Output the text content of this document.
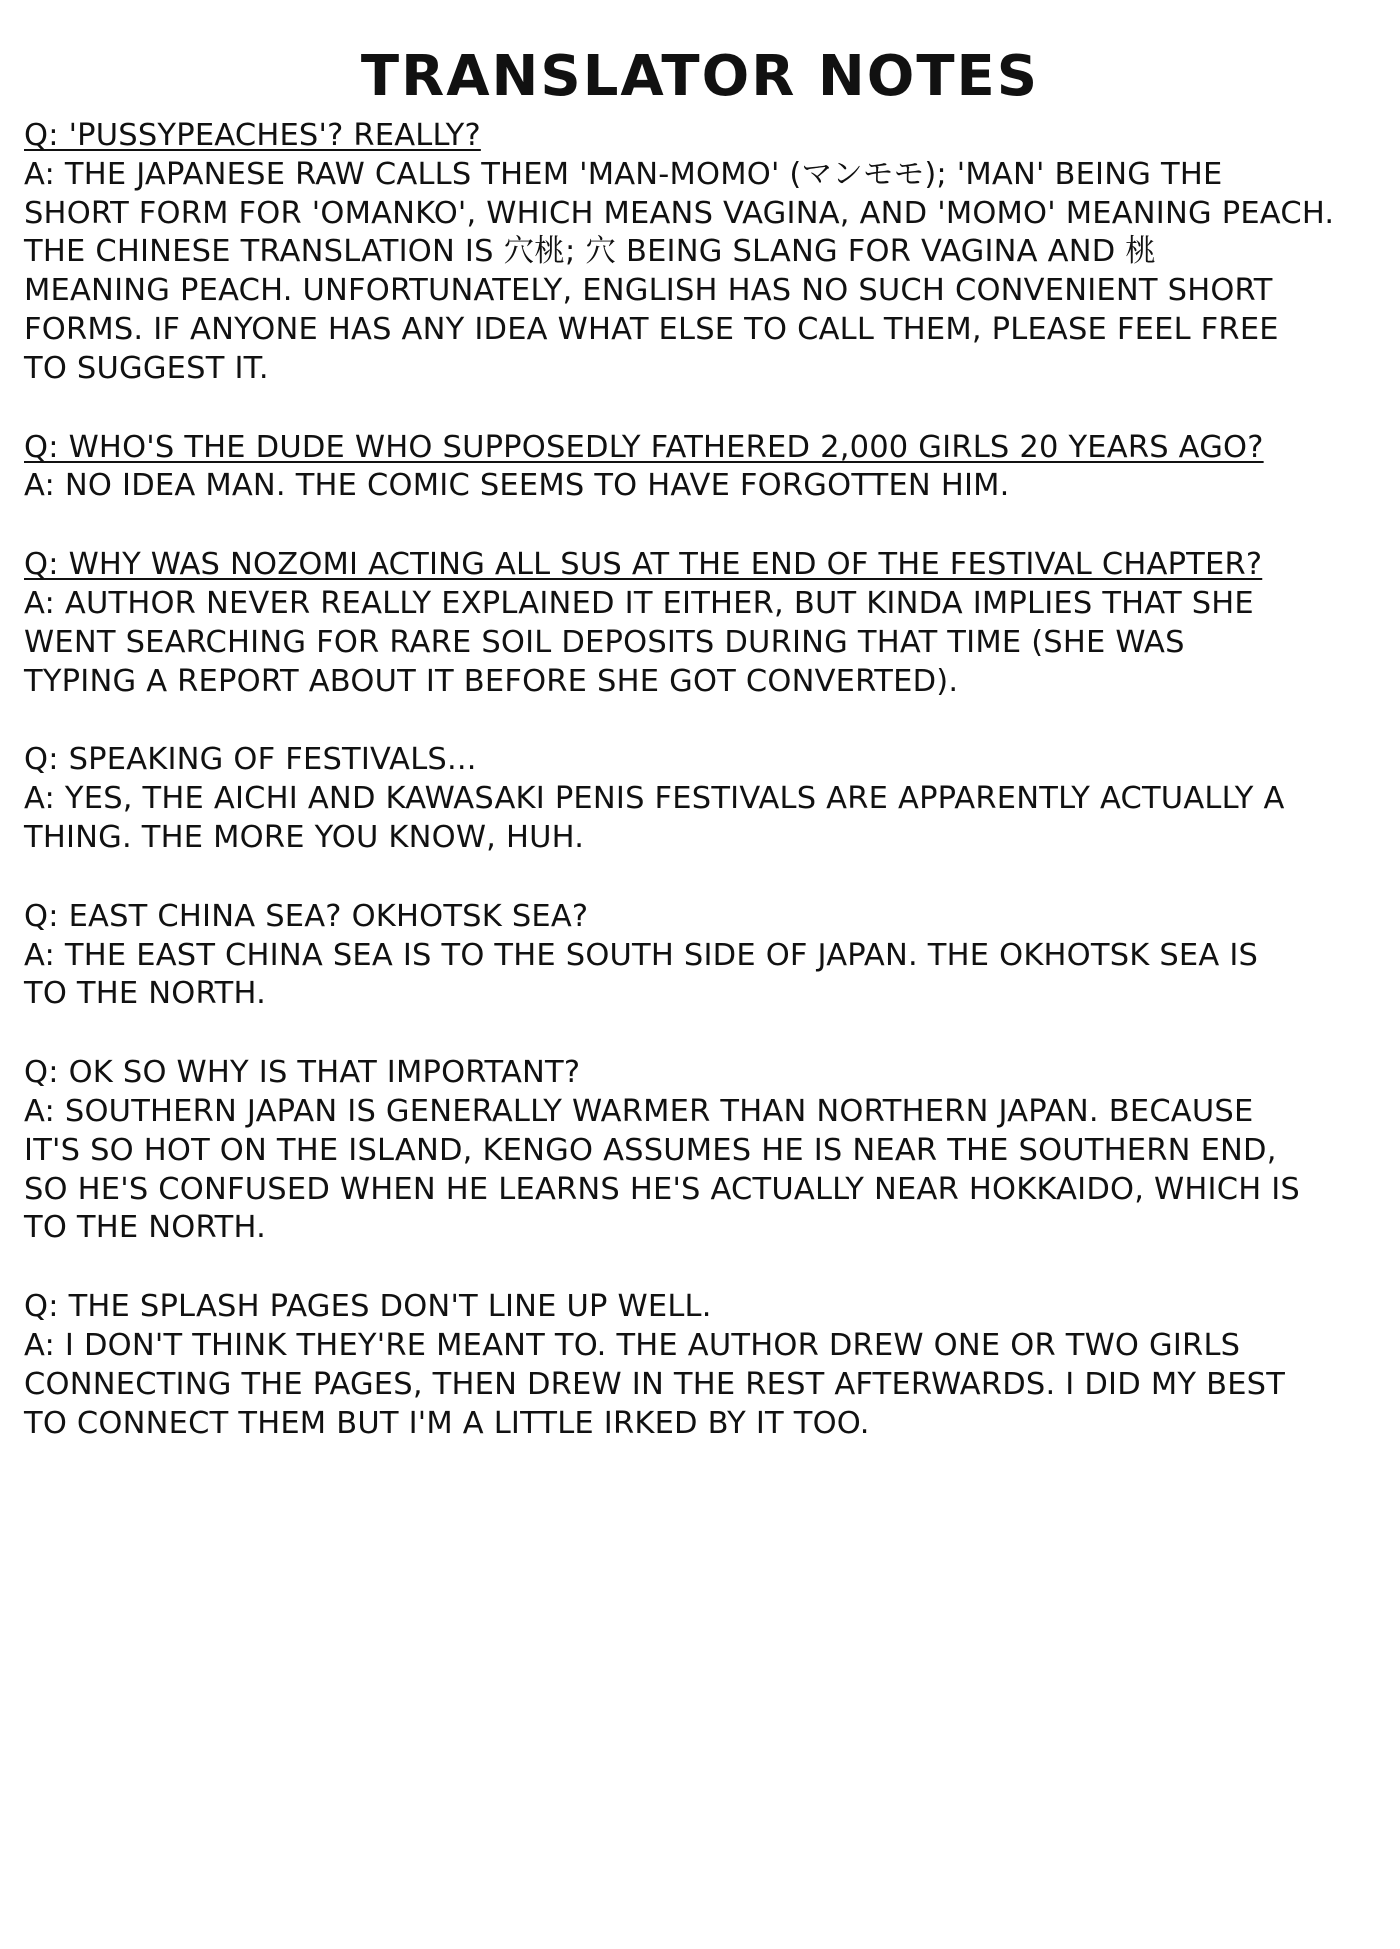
TRANSLATOR NOTES
Q: 'PUSSYPEACHES'? REALLY?
A: THE JAPANESE RAW CALLS THEM 'MAN-MOMO' (マンモモ); 'MAN' BEING THE
SHORT FORM FOR 'OMANKO', WHICH MEANS VAGINA, AND 'MOMO' MEANING PEACH.
THE CHINESE TRANSLATION IS 穴桃; 穴 BEING SLANG FOR VAGINA AND 桃
MEANING PEACH. UNFORTUNATELY, ENGLISH HAS NO SUCH CONVENIENT SHORT
FORMS. IF ANYONE HAS ANY IDEA WHAT ELSE TO CALL THEM, PLEASE FEEL FREE
TO SUGGEST IT.
Q: WHO'S THE DUDE WHO SUPPOSEDLY FATHERED 2,000 GIRLS 20 YEARS AGO?
A: NO IDEA MAN. THE COMIC SEEMS TO HAVE FORGOTTEN HIM.
Q: WHY WAS NOZOMI ACTING ALL SUS AT THE END OF THE FESTIVAL CHAPTER?
A: AUTHOR NEVER REALLY EXPLAINED IT EITHER, BUT KINDA IMPLIES THAT SHE
WENT SEARCHING FOR RARE SOIL DEPOSITS DURING THAT TIME (SHE WAS
TYPING A REPORT ABOUT IT BEFORE SHE GOT CONVERTED).
Q: SPEAKING OF FESTIVALS...
A: YES, THE AICHI AND KAWASAKI PENIS FESTIVALS ARE APPARENTLY ACTUALLY A
THING. THE MORE YOU KNOW, HUH.
Q: EAST CHINA SEA? OKHOTSK SEA?
A: THE EAST CHINA SEA IS TO THE SOUTH SIDE OF JAPAN. THE OKHOTSK SEA IS
TO THE NORTH.
Q: OK SO WHY IS THAT IMPORTANT?
A: SOUTHERN JAPAN IS GENERALLY WARMER THAN NORTHERN JAPAN. BECAUSE
IT'S SO HOT ON THE ISLAND, KENGO ASSUMES HE IS NEAR THE SOUTHERN END,
SO HE'S CONFUSED WHEN HE LEARNS HE'S ACTUALLY NEAR HOKKAIDO, WHICH IS
TO THE NORTH.
Q: THE SPLASH PAGES DON'T LINE UP WELL.
A: I DON'T THINK THEY'RE MEANT TO. THE AUTHOR DREW ONE OR TWO GIRLS
CONNECTING THE PAGES, THEN DREW IN THE REST AFTERWARDS. I DID MY BEST
TO CONNECT THEM BUT I'M A LITTLE IRKED BY IT TOO.
